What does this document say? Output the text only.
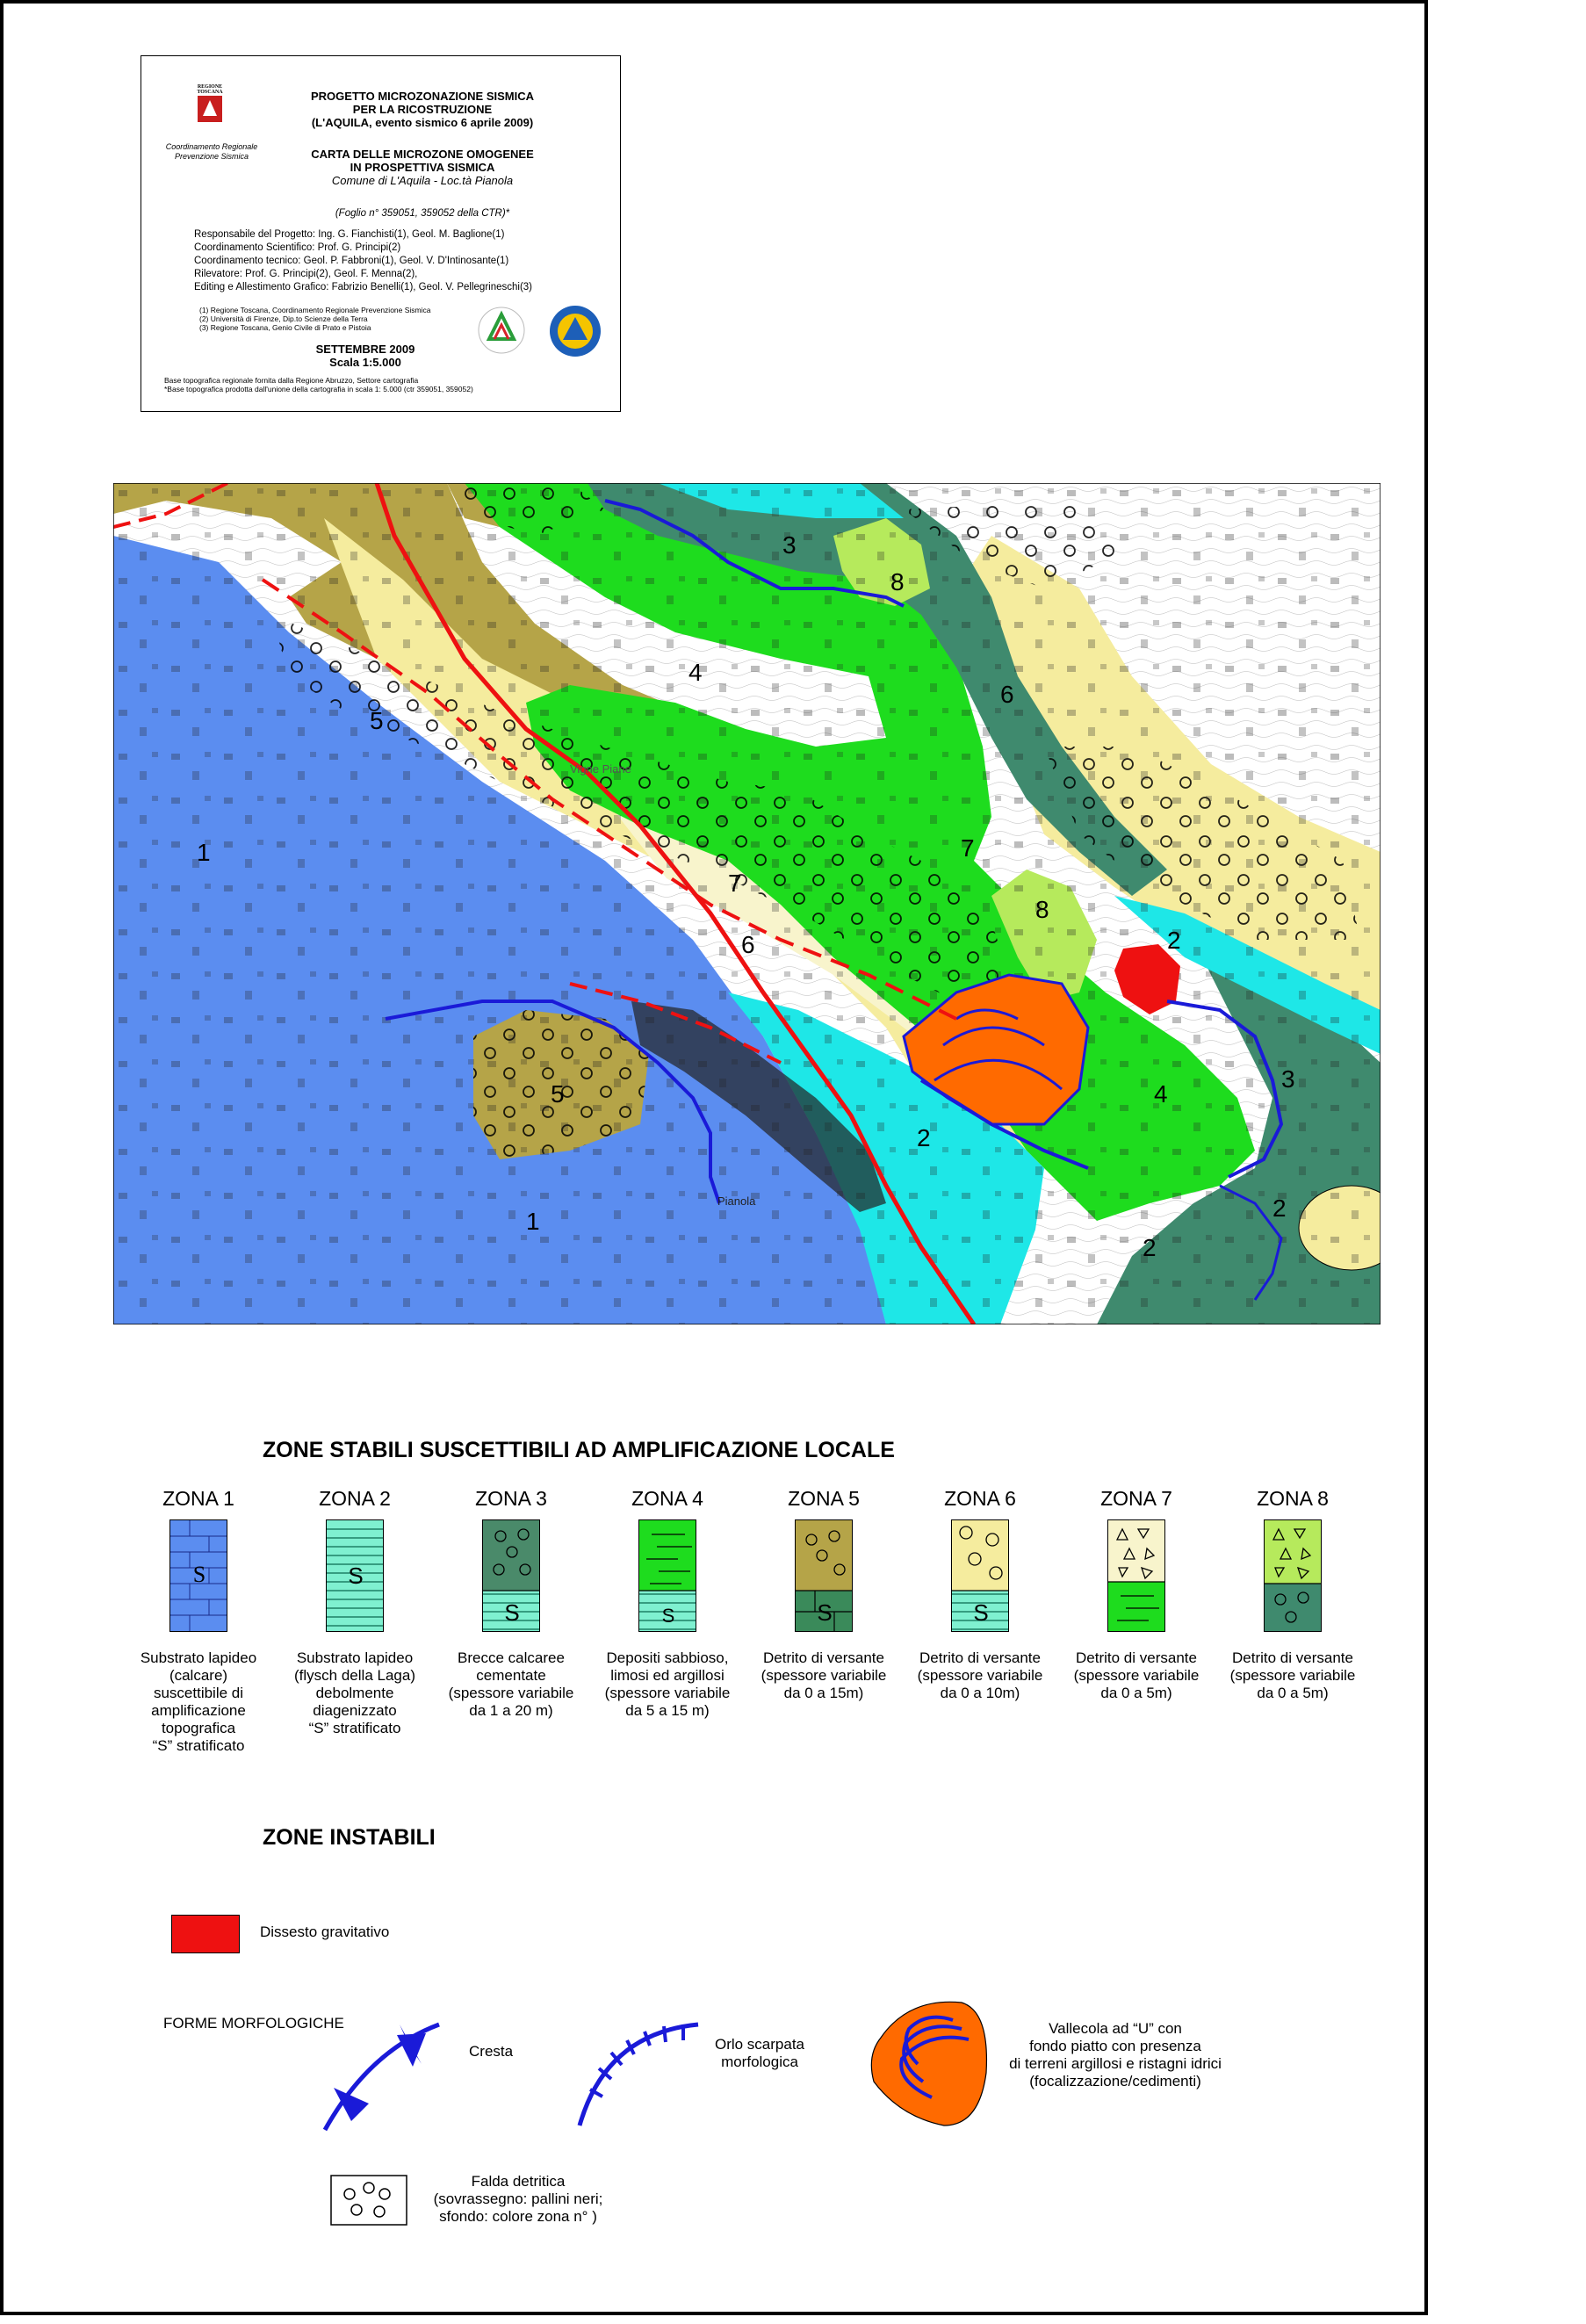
REGIONE
TOSCANA
Coordinamento Regionale
Prevenzione Sismica
PROGETTO MICROZONAZIONE SISMICA
PER LA RICOSTRUZIONE
(L'AQUILA, evento sismico 6 aprile 2009)
CARTA DELLE MICROZONE OMOGENEE
IN PROSPETTIVA SISMICA
Comune di L'Aquila - Loc.tà Pianola
(Foglio n° 359051, 359052 della CTR)*
Responsabile del Progetto: Ing. G. Fianchisti(1), Geol. M. Baglione(1)
Coordinamento Scientifico: Prof. G. Principi(2)
Coordinamento tecnico: Geol. P. Fabbroni(1), Geol. V. D'Intinosante(1)
Rilevatore: Prof. G. Principi(2), Geol. F. Menna(2),
Editing e Allestimento Grafico: Fabrizio Benelli(1), Geol. V. Pellegrineschi(3)
(1) Regione Toscana, Coordinamento Regionale Prevenzione Sismica
(2) Università di Firenze, Dip.to Scienze della Terra
(3) Regione Toscana, Genio Civile di Prato e Pistoia
SETTEMBRE 2009
Scala 1:5.000
Base topografica regionale fornita dalla Regione Abruzzo, Settore cartografia
*Base topografica prodotta dall'unione della cartografia in scala 1: 5.000 (ctr 359051, 359052)
1
1
2
2
2
2
3
3
4
4
5
5
6
6
7
7
8
8
Vigne Piane
Pianola
ZONE STABILI SUSCETTIBILI AD AMPLIFICAZIONE LOCALE
ZONA 1
S
Substrato lapideo
(calcare)
suscettibile di
amplificazione
topografica
“S” stratificato
ZONA 2
S
Substrato lapideo
(flysch della Laga)
debolmente
diagenizzato
“S” stratificato
ZONA 3
S
Brecce calcaree
cementate
(spessore variabile
da 1 a 20 m)
ZONA 4
S
Depositi sabbioso,
limosi ed argillosi
(spessore variabile
da 5 a 15 m)
ZONA 5
S
Detrito di versante
(spessore variabile
da 0 a 15m)
ZONA 6
S
Detrito di versante
(spessore variabile
da 0 a 10m)
ZONA 7
Detrito di versante
(spessore variabile
da 0 a 5m)
ZONA 8
Detrito di versante
(spessore variabile
da 0 a 5m)
ZONE INSTABILI
Dissesto gravitativo
FORME MORFOLOGICHE
Cresta	Orlo scarpata
morfologica
Vallecola ad “U” con
fondo piatto con presenza
di terreni argillosi e ristagni idrici
(focalizzazione/cedimenti)
Falda detritica
(sovrassegno: pallini neri;
sfondo: colore zona n° )
